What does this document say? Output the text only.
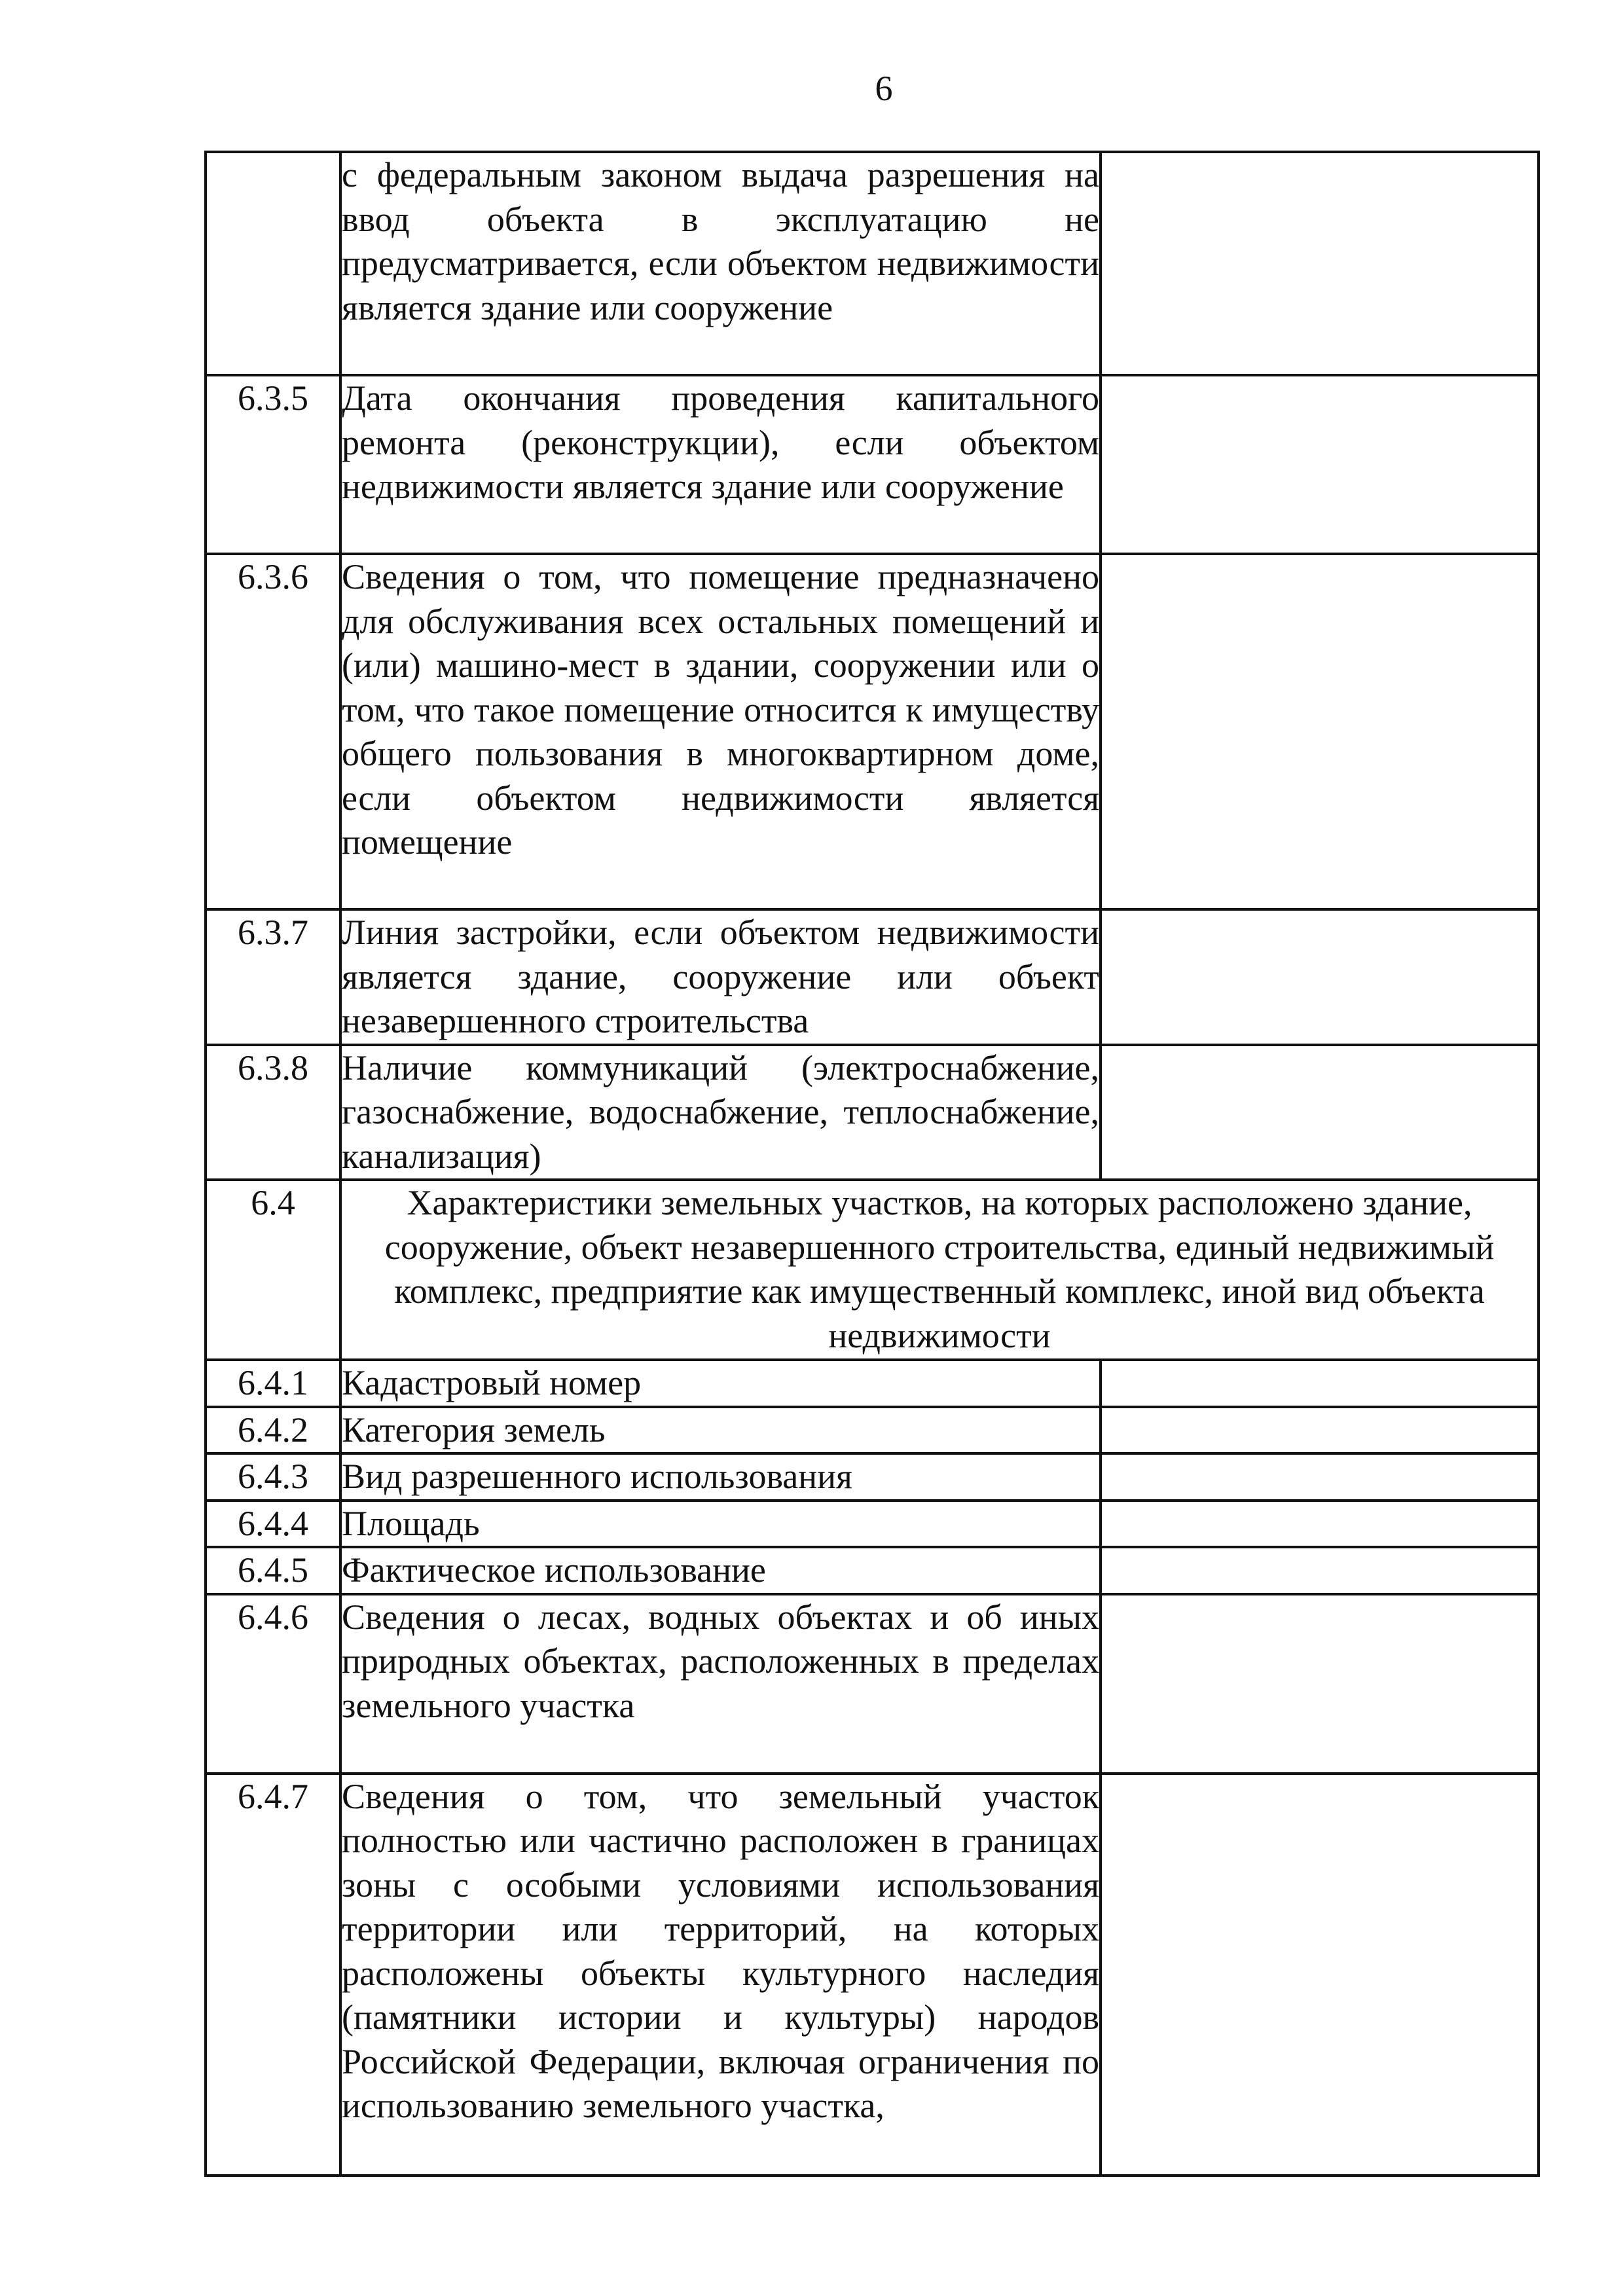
6
	с федеральным законом выдача разрешения на ввод объекта в эксплуатацию не предусматривается, если объектом недвижимости является здание или сооружение	
6.3.5	Дата окончания проведения капитального ремонта (реконструкции), если объектом недвижимости является здание или сооружение	
6.3.6	Сведения о том, что помещение предназначено для обслуживания всех остальных помещений и (или) машино-мест в здании, сооружении или о том, что такое помещение относится к имуществу общего пользования в многоквартирном доме, если объектом недвижимости является помещение	
6.3.7	Линия застройки, если объектом недвижимости является здание, сооружение или объект незавершенного строительства	
6.3.8	Наличие коммуникаций (электроснабжение, газоснабжение, водоснабжение, теплоснабжение, канализация)	
6.4	Характеристики земельных участков, на которых расположено здание, сооружение, объект незавершенного строительства, единый недвижимый комплекс, предприятие как имущественный комплекс, иной вид объекта недвижимости	
6.4.1	Кадастровый номер	
6.4.2	Категория земель	
6.4.3	Вид разрешенного использования	
6.4.4	Площадь	
6.4.5	Фактическое использование	
6.4.6	Сведения о лесах, водных объектах и об иных природных объектах, расположенных в пределах земельного участка	
6.4.7	Сведения о том, что земельный участок полностью или частично расположен в границах зоны с особыми условиями использования территории или территорий, на которых расположены объекты культурного наследия (памятники истории и культуры) народов Российской Федерации, включая ограничения по использованию земельного участка,	
